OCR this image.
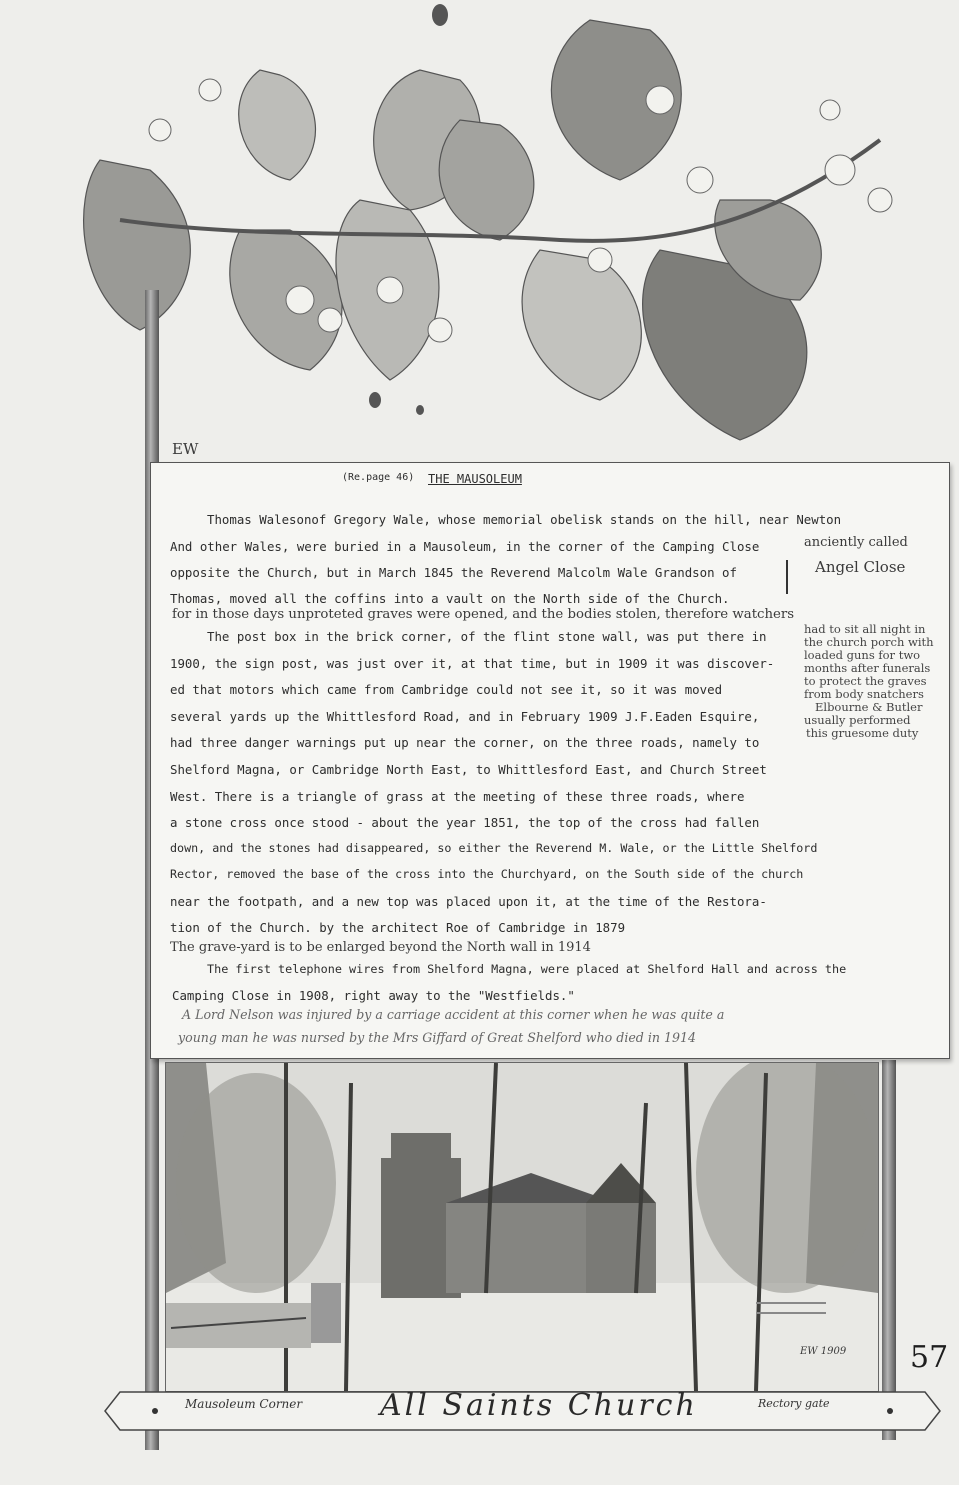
EW
(Re.page 46) THE MAUSOLEUM
Thomas Walesonof Gregory Wale, whose memorial obelisk stands on the hill, near Newton
And other Wales, were buried in a Mausoleum, in the corner of the Camping Close
opposite the Church, but in March 1845 the Reverend Malcolm Wale Grandson of
Thomas, moved all the coffins into a vault on the North side of the Church.
for in those days unproteted graves were opened, and the bodies stolen, therefore watchers
The post box in the brick corner, of the flint stone wall, was put there in
1900, the sign post, was just over it, at that time, but in 1909 it was discover-
ed that motors which came from Cambridge could not see it, so it was moved
several yards up the Whittlesford Road, and in February 1909 J.F.Eaden Esquire,
had three danger warnings put up near the corner, on the three roads, namely to
Shelford Magna, or Cambridge North East, to Whittlesford East, and Church Street
West. There is a triangle of grass at the meeting of these three roads, where
a stone cross once stood - about the year 1851, the top of the cross had fallen
down, and the stones had disappeared, so either the Reverend M. Wale, or the Little Shelford
Rector, removed the base of the cross into the Churchyard, on the South side of the church
near the footpath, and a new top was placed upon it, at the time of the Restora-
tion of the Church. by the architect Roe of Cambridge in 1879
The grave-yard is to be enlarged beyond the North wall in 1914
The first telephone wires from Shelford Magna, were placed at Shelford Hall and across the
Camping Close in 1908, right away to the "Westfields."
A Lord Nelson was injured by a carriage accident at this corner when he was quite a
young man he was nursed by the Mrs Giffard of Great Shelford who died in 1914
anciently called
Angel Close
had to sit all night in
the church porch with
loaded guns for two
months after funerals
to protect the graves
from body snatchers
Elbourne & Butler
usually performed
this gruesome duty
EW 1909 57
Mausoleum Corner	All Saints Church	Rectory gate
